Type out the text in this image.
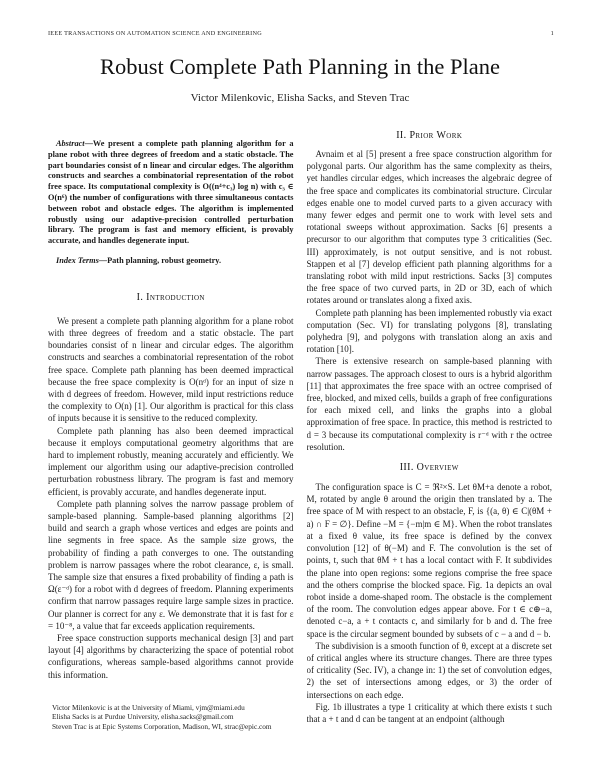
IEEE TRANSACTIONS ON AUTOMATION SCIENCE AND ENGINEERING	1
Robust Complete Path Planning in the Plane
Victor Milenkovic, Elisha Sacks, and Steven Trac

Abstract—We present a complete path planning algorithm for a plane robot with three degrees of freedom and a static obstacle. The part boundaries consist of n linear and circular edges. The algorithm constructs and searches a combinatorial representation of the robot free space. Its computational complexity is O((n⁴+c₃) log n) with c₃ ∈ O(n⁶) the number of configurations with three simultaneous contacts between robot and obstacle edges. The algorithm is implemented robustly using our adaptive-precision controlled perturbation library. The program is fast and memory efficient, is provably accurate, and handles degenerate input.

Index Terms—Path planning, robust geometry.

I. Introduction

We present a complete path planning algorithm for a plane robot with three degrees of freedom and a static obstacle. The part boundaries consist of n linear and circular edges. The algorithm constructs and searches a combinatorial representation of the robot free space. Complete path planning has been deemed impractical because the free space complexity is O(nᵈ) for an input of size n with d degrees of freedom. However, mild input restrictions reduce the complexity to O(n) [1]. Our algorithm is practical for this class of inputs because it is sensitive to the reduced complexity.

Complete path planning has also been deemed impractical because it employs computational geometry algorithms that are hard to implement robustly, meaning accurately and efficiently. We implement our algorithm using our adaptive-precision controlled perturbation robustness library. The program is fast and memory efficient, is provably accurate, and handles degenerate input.

Complete path planning solves the narrow passage problem of sample-based planning. Sample-based planning algorithms [2] build and search a graph whose vertices and edges are points and line segments in free space. As the sample size grows, the probability of finding a path converges to one. The outstanding problem is narrow passages where the robot clearance, ε, is small. The sample size that ensures a fixed probability of finding a path is Ω(ε⁻ᵈ) for a robot with d degrees of freedom. Planning experiments confirm that narrow passages require large sample sizes in practice. Our planner is correct for any ε. We demonstrate that it is fast for ε = 10⁻⁸, a value that far exceeds application requirements.

Free space construction supports mechanical design [3] and part layout [4] algorithms by characterizing the space of potential robot configurations, whereas sample-based algorithms cannot provide this information.

Victor Milenkovic is at the University of Miami, vjm@miami.edu
Elisha Sacks is at Purdue University, elisha.sacks@gmail.com
Steven Trac is at Epic Systems Corporation, Madison, WI, strac@epic.com
II. Prior Work

Avnaim et al [5] present a free space construction algorithm for polygonal parts. Our algorithm has the same complexity as theirs, yet handles circular edges, which increases the algebraic degree of the free space and complicates its combinatorial structure. Circular edges enable one to model curved parts to a given accuracy with many fewer edges and permit one to work with level sets and rotational sweeps without approximation. Sacks [6] presents a precursor to our algorithm that computes type 3 criticalities (Sec. III) approximately, is not output sensitive, and is not robust. Stappen et al [7] develop efficient path planning algorithms for a translating robot with mild input restrictions. Sacks [3] computes the free space of two curved parts, in 2D or 3D, each of which rotates around or translates along a fixed axis.

Complete path planning has been implemented robustly via exact computation (Sec. VI) for translating polygons [8], translating polyhedra [9], and polygons with translation along an axis and rotation [10].

There is extensive research on sample-based planning with narrow passages. The approach closest to ours is a hybrid algorithm [11] that approximates the free space with an octree comprised of free, blocked, and mixed cells, builds a graph of free configurations for each mixed cell, and links the graphs into a global approximation of free space. In practice, this method is restricted to d = 3 because its computational complexity is r⁻ᵈ with r the octree resolution.

III. Overview

The configuration space is C = ℜ²×S. Let θM+a denote a robot, M, rotated by angle θ around the origin then translated by a. The free space of M with respect to an obstacle, F, is {(a, θ) ∈ C|(θM + a) ∩ F = ∅}. Define −M = {−m|m ∈ M}. When the robot translates at a fixed θ value, its free space is defined by the convex convolution [12] of θ(−M) and F. The convolution is the set of points, t, such that θM + t has a local contact with F. It subdivides the plane into open regions: some regions comprise the free space and the others comprise the blocked space. Fig. 1a depicts an oval robot inside a dome-shaped room. The obstacle is the complement of the room. The convolution edges appear above. For t ∈ c⊕−a, denoted c−a, a + t contacts c, and similarly for b and d. The free space is the circular segment bounded by subsets of c − a and d − b.

The subdivision is a smooth function of θ, except at a discrete set of critical angles where its structure changes. There are three types of criticality (Sec. IV), a change in: 1) the set of convolution edges, 2) the set of intersections among edges, or 3) the order of intersections on each edge.

Fig. 1b illustrates a type 1 criticality at which there exists t such that a + t and d can be tangent at an endpoint (although
